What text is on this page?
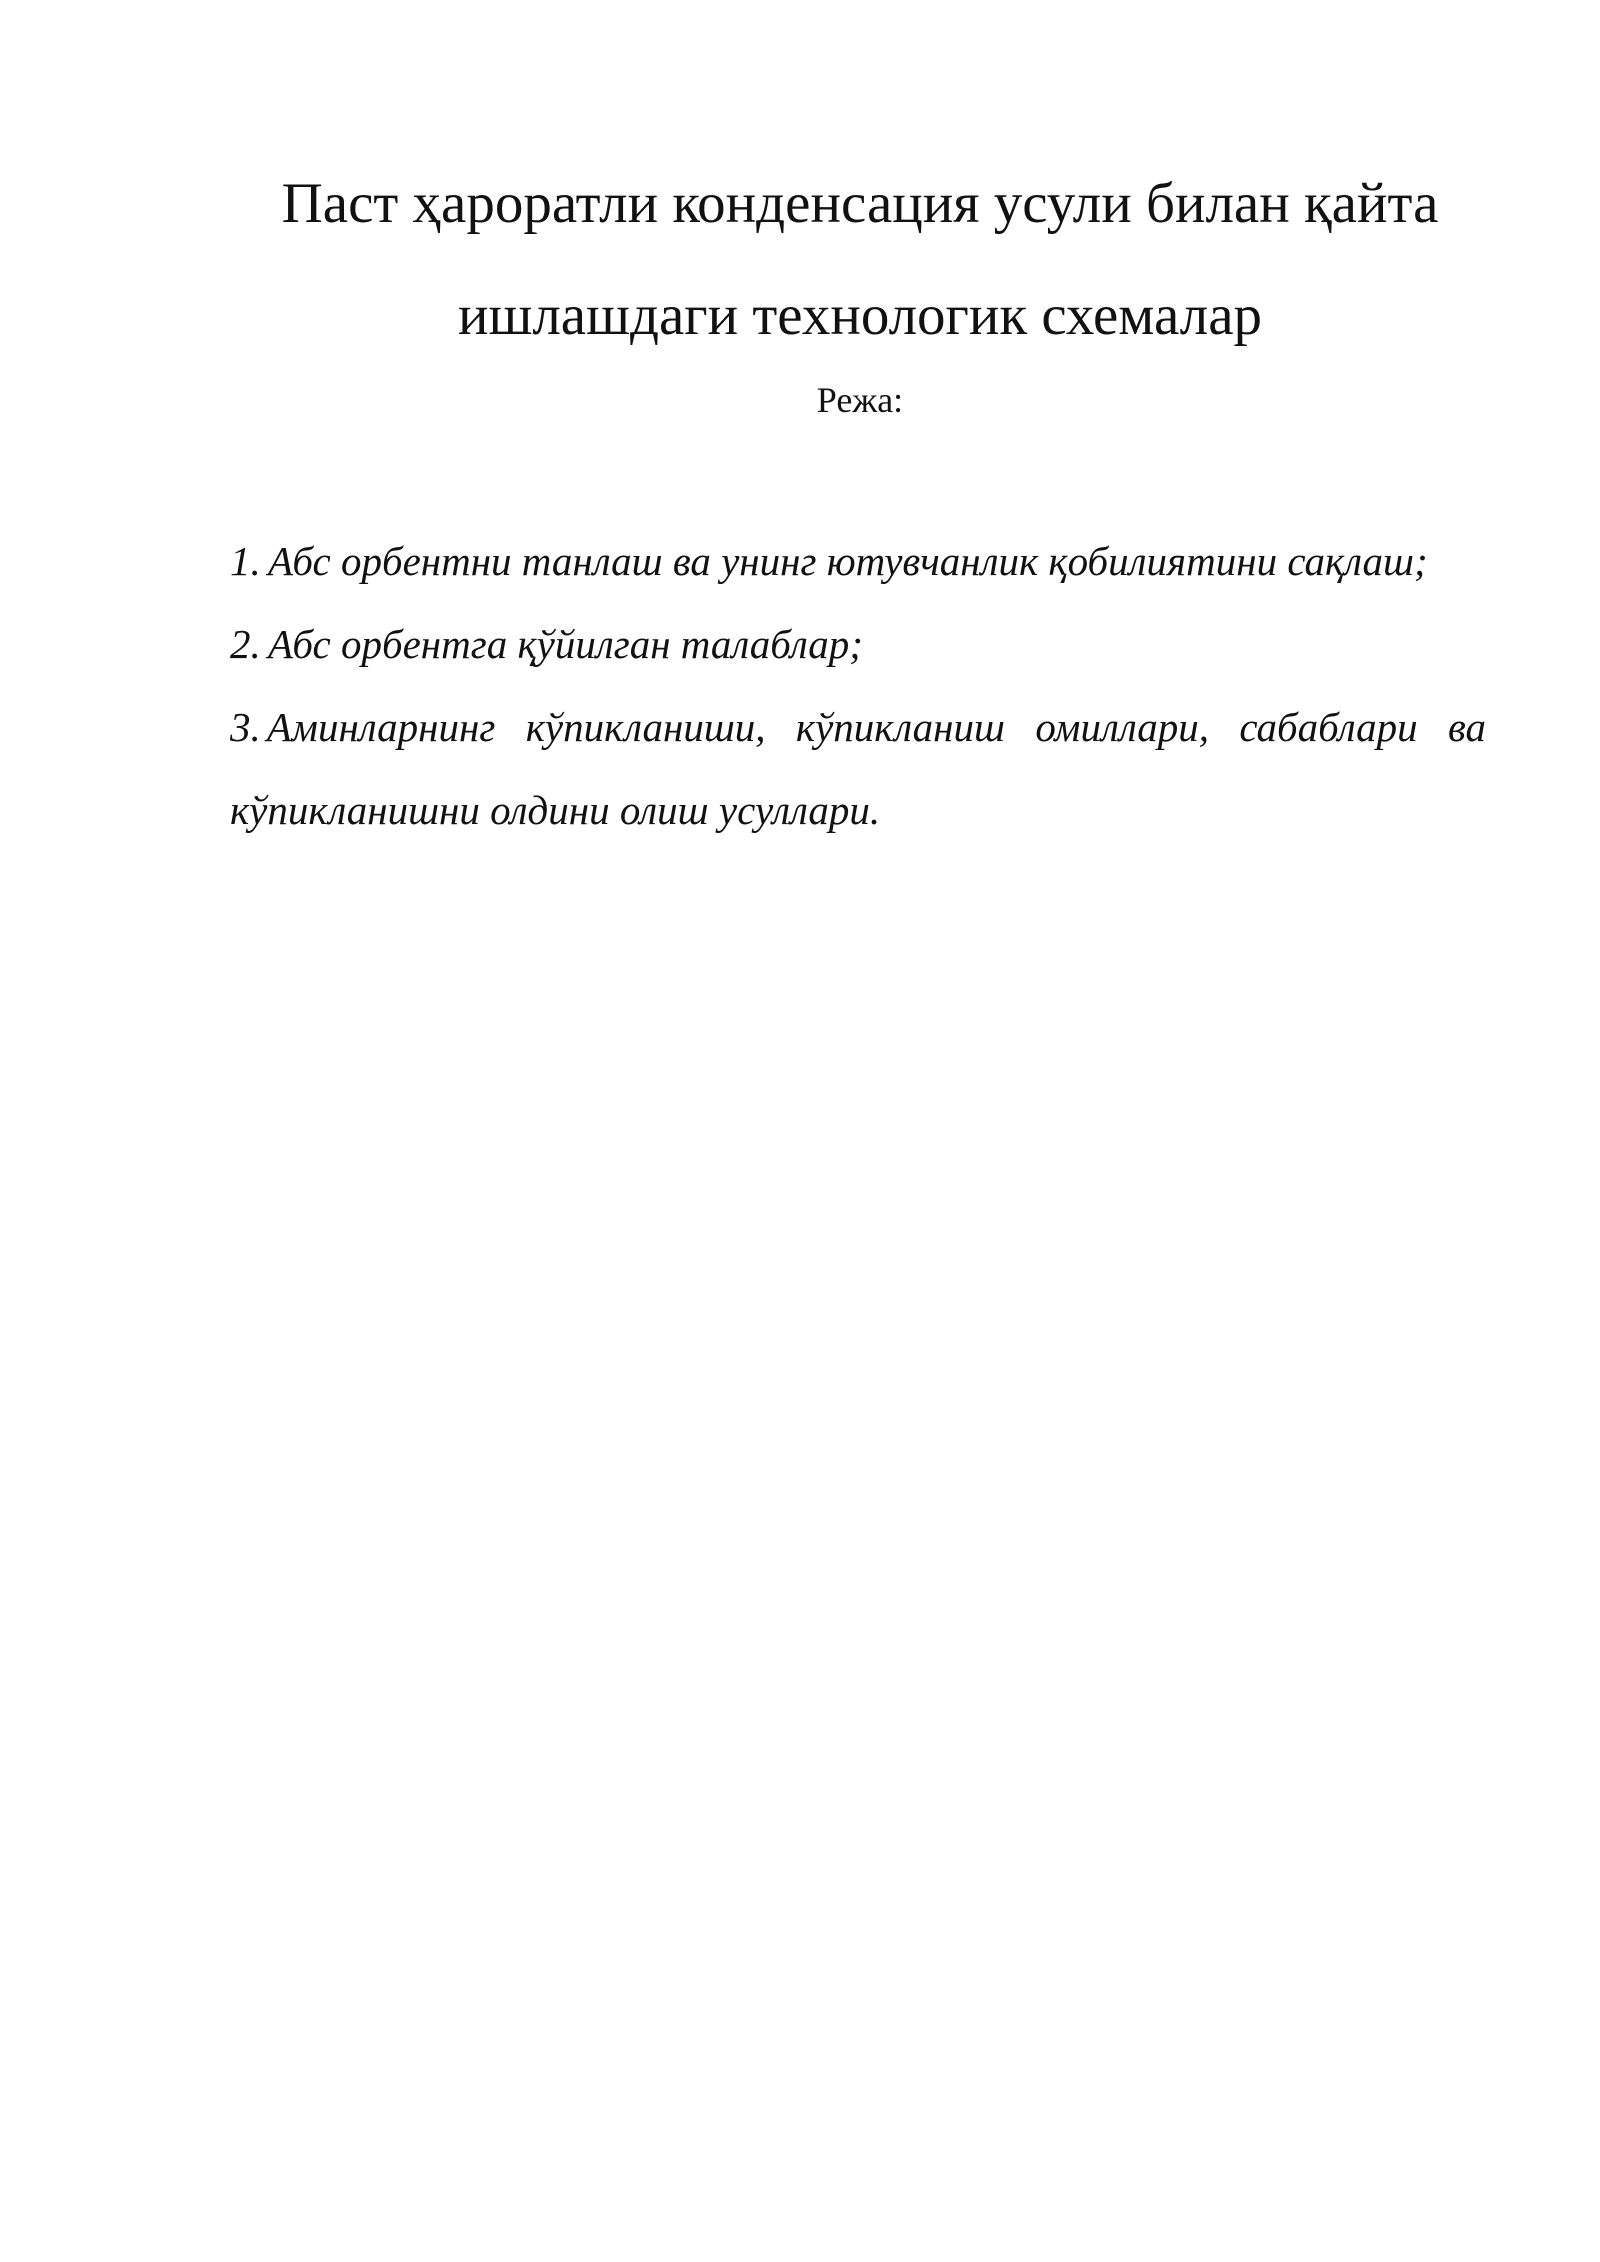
Паст ҳароратли конденсация усули билан қайта
ишлашдаги технологик схемалар
Режа:
1. Абс орбентни танлаш ва унинг ютувчанлик қобилиятини сақлаш;
2. Абс орбентга қўйилган талаблар;
3. Аминларнинг кўпикланиши, кўпикланиш омиллари, сабаблари ва кўпикланишни олдини олиш усуллари.
